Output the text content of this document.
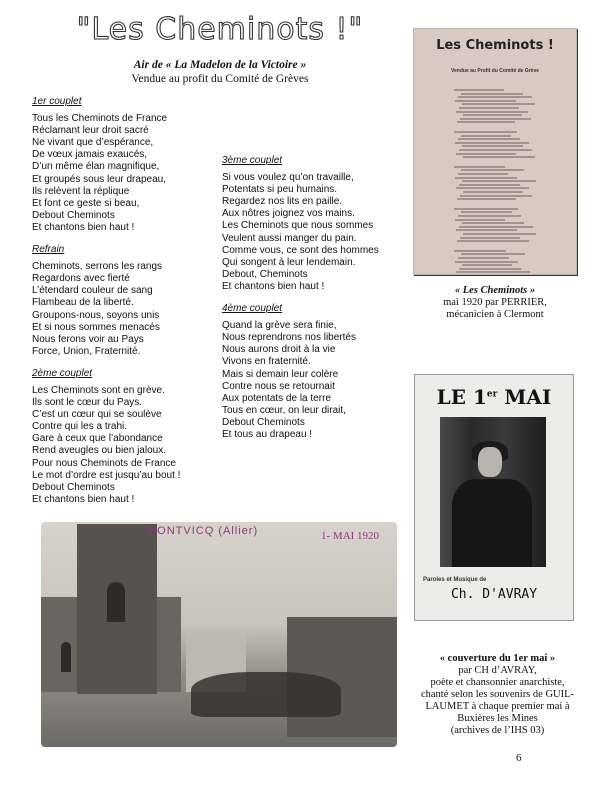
"Les Cheminots !"
Air de « La Madelon de la Victoire »
Vendue au profit du Comité de Grèves
1er couplet
Tous les Cheminots de France
Réclamant leur droit sacré
Ne vivant que d’espérance,
De vœux jamais exaucés,
D’un même élan magnifique,
Et groupés sous leur drapeau,
Ils relèvent la réplique
Et font ce geste si beau,
Debout Cheminots
Et chantons bien haut !
Refrain
Cheminots, serrons les rangs
Regardons avec fierté
L’étendard couleur de sang
Flambeau de la liberté.
Groupons-nous, soyons unis
Et si nous sommes menacés
Nous ferons voir au Pays
Force, Union, Fraternité.
2ème couplet
Les Cheminots sont en grève.
Ils sont le cœur du Pays.
C’est un cœur qui se soulève
Contre qui les a trahi.
Gare à ceux que l’abondance
Rend aveugles ou bien jaloux.
Pour nous Cheminots de France
Le mot d’ordre est jusqu’au bout !
Debout Cheminots
Et chantons bien haut !
3ème couplet
Si vous voulez qu’on travaille,
Potentats si peu humains.
Regardez nos lits en paille.
Aux nôtres joignez vos mains.
Les Cheminots que nous sommes
Veulent aussi manger du pain.
Comme vous, ce sont des hommes
Qui songent à leur lendemain.
Debout, Cheminots
Et chantons bien haut !
4ème couplet
Quand la grève sera finie,
Nous reprendrons nos libertés
Nous aurons droit à la vie
Vivons en fraternité.
Mais si demain leur colère
Contre nous se retournait
Aux potentats de la terre
Tous en cœur, on leur dirait,
Debout Cheminots
Et tous au drapeau !
Les Cheminots !
Vendue au Profit du Comité de Grève
« Les Cheminots »
mai 1920 par PERRIER,
mécanicien à Clermont
LE 1er MAI
Paroles et Musique de
Ch. D'AVRAY
« couverture du 1er mai »
par CH d’AVRAY,
poète et chansonnier anarchiste,
chanté selon les souvenirs de GUIL-
LAUMET à chaque premier mai à
Buxières les Mines
(archives de l’IHS 03)
MONTVICQ (Allier)	1- MAI 1920
6
